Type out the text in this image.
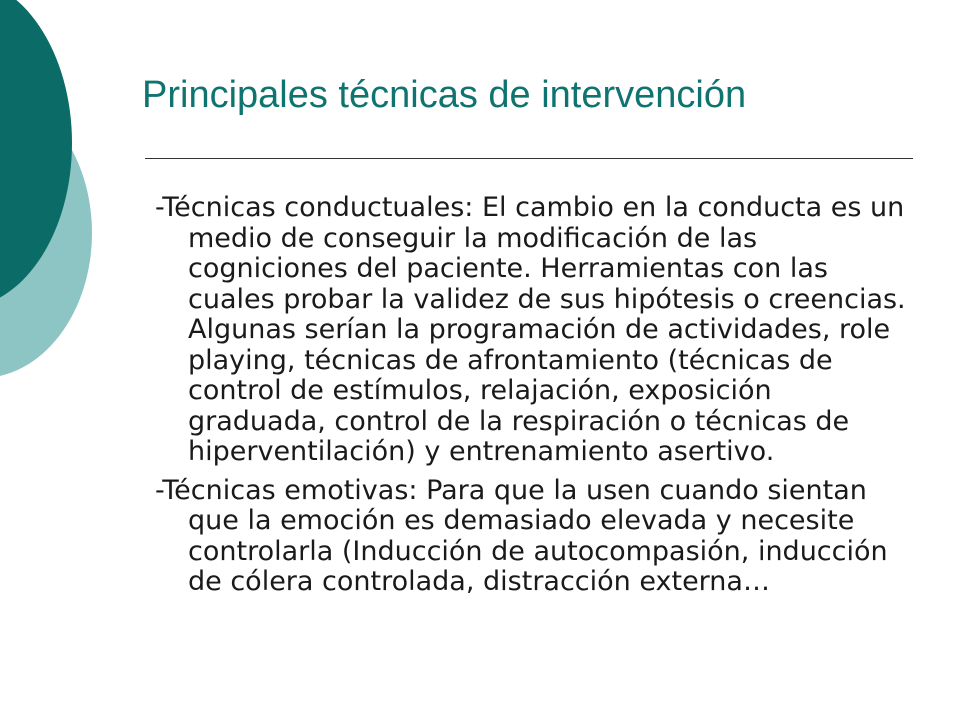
Principales técnicas de intervención

-Técnicas conductuales: El cambio en la conducta es un medio de conseguir la modificación de las cogniciones del paciente. Herramientas con las cuales probar la validez de sus hipótesis o creencias. Algunas serían la programación de actividades, role playing, técnicas de afrontamiento (técnicas de control de estímulos, relajación, exposición graduada, control de la respiración o técnicas de hiperventilación) y entrenamiento asertivo.

-Técnicas emotivas: Para que la usen cuando sientan que la emoción es demasiado elevada y necesite controlarla (Inducción de autocompasión, inducción de cólera controlada, distracción externa…
